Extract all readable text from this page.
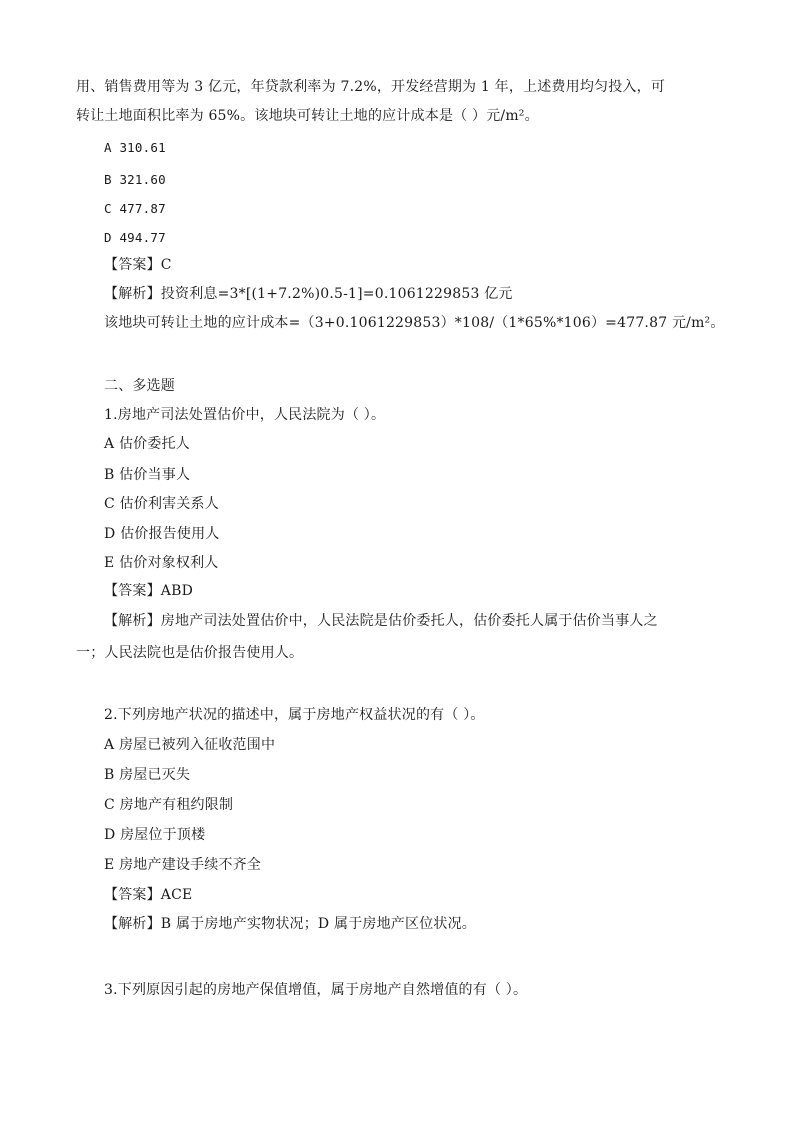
用、销售费用等为 3 亿元，年贷款利率为 7.2%，开发经营期为 1 年，上述费用均匀投入，可
转让土地面积比率为 65%。该地块可转让土地的应计成本是（ ）元/m²。
A 310.61
B 321.60
C 477.87
D 494.77
【答案】C
【解析】投资利息=3*[(1+7.2%)0.5-1]=0.1061229853 亿元
该地块可转让土地的应计成本=（3+0.1061229853）*108/（1*65%*106）=477.87 元/m²。
二、多选题
1.房地产司法处置估价中，人民法院为（ ）。
A 估价委托人
B 估价当事人
C 估价利害关系人
D 估价报告使用人
E 估价对象权利人
【答案】ABD
【解析】房地产司法处置估价中，人民法院是估价委托人，估价委托人属于估价当事人之
一；人民法院也是估价报告使用人。
2.下列房地产状况的描述中，属于房地产权益状况的有（ ）。
A 房屋已被列入征收范围中
B 房屋已灭失
C 房地产有租约限制
D 房屋位于顶楼
E 房地产建设手续不齐全
【答案】ACE
【解析】B 属于房地产实物状况；D 属于房地产区位状况。
3.下列原因引起的房地产保值增值，属于房地产自然增值的有（ ）。
